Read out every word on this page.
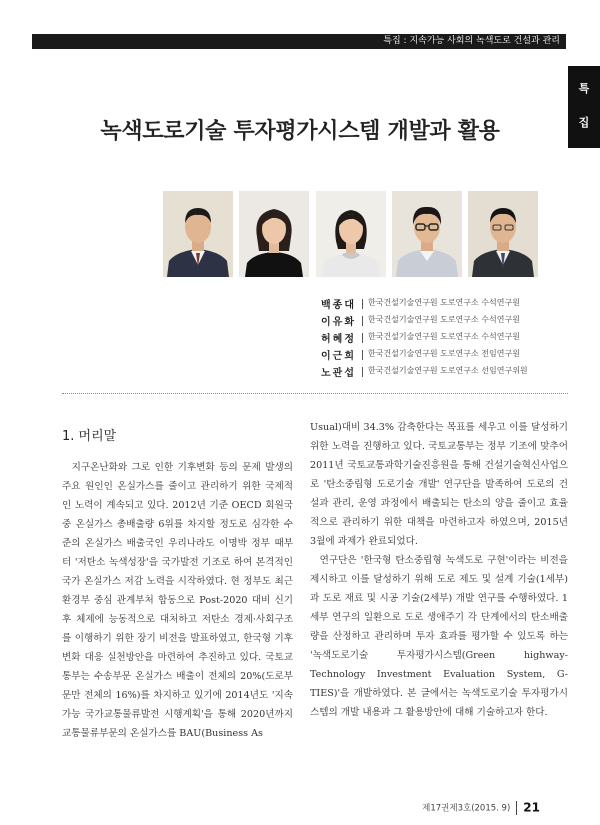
특집 : 지속가능 사회의 녹색도로 건설과 관리
특
집
녹색도로기술 투자평가시스템 개발과 활용
백종대 한국건설기술연구원 도로연구소 수석연구원
이유화 한국건설기술연구원 도로연구소 수석연구원
허혜정 한국건설기술연구원 도로연구소 수석연구원
이근희 한국건설기술연구원 도로연구소 전임연구원
노관섭 한국건설기술연구원 도로연구소 선임연구위원
1. 머리말

지구온난화와 그로 인한 기후변화 등의 문제 발생의 주요 원인인 온실가스를 줄이고 관리하기 위한 국제적인 노력이 계속되고 있다. 2012년 기준 OECD 회원국 중 온실가스 총배출량 6위를 차지할 정도로 심각한 수준의 온실가스 배출국인 우리나라도 이명박 정부 때부터 '저탄소 녹색성장'을 국가발전 기조로 하여 본격적인 국가 온실가스 저감 노력을 시작하였다. 현 정부도 최근 환경부 중심 관계부처 합동으로 Post-2020 대비 신기후 체제에 능동적으로 대처하고 저탄소 경제·사회구조를 이행하기 위한 장기 비전을 발표하였고, 한국형 기후변화 대응 실천방안을 마련하여 추진하고 있다. 국토교통부는 수송부문 온실가스 배출이 전체의 20%(도로부문만 전체의 16%)를 차지하고 있기에 2014년도 '지속가능 국가교통물류발전 시행계획'을 통해 2020년까지 교통물류부문의 온실가스를 BAU(Business As

Usual)대비 34.3% 감축한다는 목표를 세우고 이를 달성하기 위한 노력을 진행하고 있다. 국토교통부는 정부 기조에 맞추어 2011년 국토교통과학기술진흥원을 통해 건설기술혁신사업으로 '탄소중립형 도로기술 개발' 연구단을 발족하여 도로의 건설과 관리, 운영 과정에서 배출되는 탄소의 양을 줄이고 효율적으로 관리하기 위한 대책을 마련하고자 하였으며, 2015년 3월에 과제가 완료되었다.

연구단은 '한국형 탄소중립형 녹색도로 구현'이라는 비전을 제시하고 이를 달성하기 위해 도로 제도 및 설계 기술(1세부)과 도로 재료 및 시공 기술(2세부) 개발 연구를 수행하였다. 1세부 연구의 일환으로 도로 생애주기 각 단계에서의 탄소배출량을 산정하고 관리하며 투자 효과를 평가할 수 있도록 하는 '녹색도로기술 투자평가시스템(Green highway-Technology Investment Evaluation System, G-TIES)'을 개발하였다. 본 글에서는 녹색도로기술 투자평가시스템의 개발 내용과 그 활용방안에 대해 기술하고자 한다.

제17권제3호(2015. 9) 21
